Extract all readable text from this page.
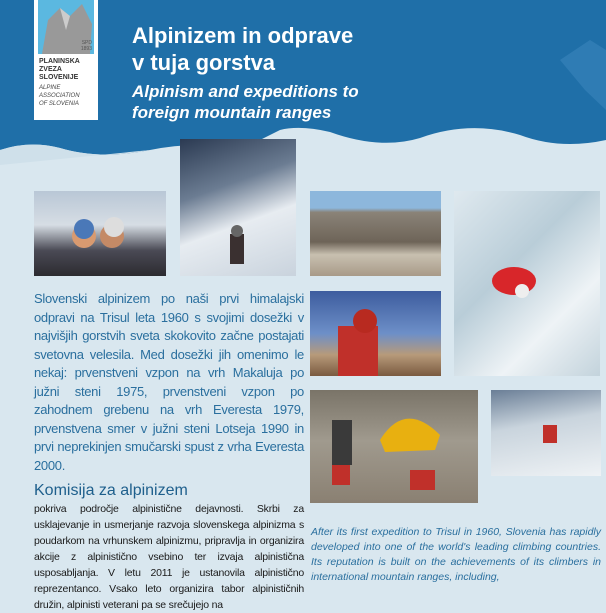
SPD
1893
PLANINSKA
ZVEZA
SLOVENIJE
ALPINE
ASSOCIATION
OF SLOVENIA
Alpinizem in odprave
v tuja gorstva
Alpinism and expeditions to
foreign mountain ranges
Slovenski alpinizem po naši prvi himalajski odpravi na Trisul leta 1960 s svojimi dosežki v najvišjih gorstvih sveta skokovito začne postajati svetovna velesila. Med dosežki jih omenimo le nekaj: prvenstveni vzpon na vrh Makaluja po južni steni 1975, prvenstveni vzpon po zahodnem grebenu na vrh Everesta 1979, prvenstvena smer v južni steni Lotseja 1990 in prvi neprekinjen smučarski spust z vrha Everesta 2000.
Komisija za alpinizem
pokriva področje alpinistične dejavnosti. Skrbi za usklajevanje in usmerjanje razvoja slovenskega alpinizma s poudarkom na vrhunskem alpinizmu, pripravlja in organizira akcije z alpinistično vsebino ter izvaja alpinistična usposabljanja. V letu 2011 je ustanovila alpinistično reprezentanco. Vsako leto organizira tabor alpinističnih družin, alpinisti veterani pa se srečujejo na
After its first expedition to Trisul in 1960, Slovenia has rapidly developed into one of the world's leading climbing countries. Its reputation is built on the achievements of its climbers in international mountain ranges, including,
